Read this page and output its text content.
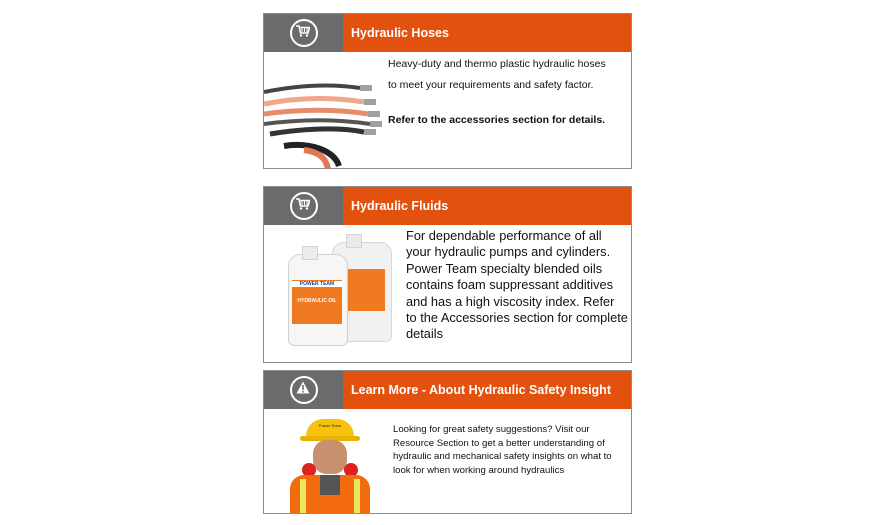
Hydraulic Hoses
Heavy-duty and thermo plastic hydraulic hoses
to meet your requirements and safety factor.
Refer to the accessories section for details.
Hydraulic Fluids
POWER TEAM
HYDRAULIC OIL
For dependable performance of all your hydraulic pumps and cylinders. Power Team specialty blended oils contains foam suppressant additives and has a high viscosity index. Refer to the Accessories section for complete details
Learn More - About Hydraulic Safety Insight
Power Team	Looking for great safety suggestions? Visit our Resource Section to get a better understanding of hydraulic and mechanical safety insights on what to look for when working around hydraulics
